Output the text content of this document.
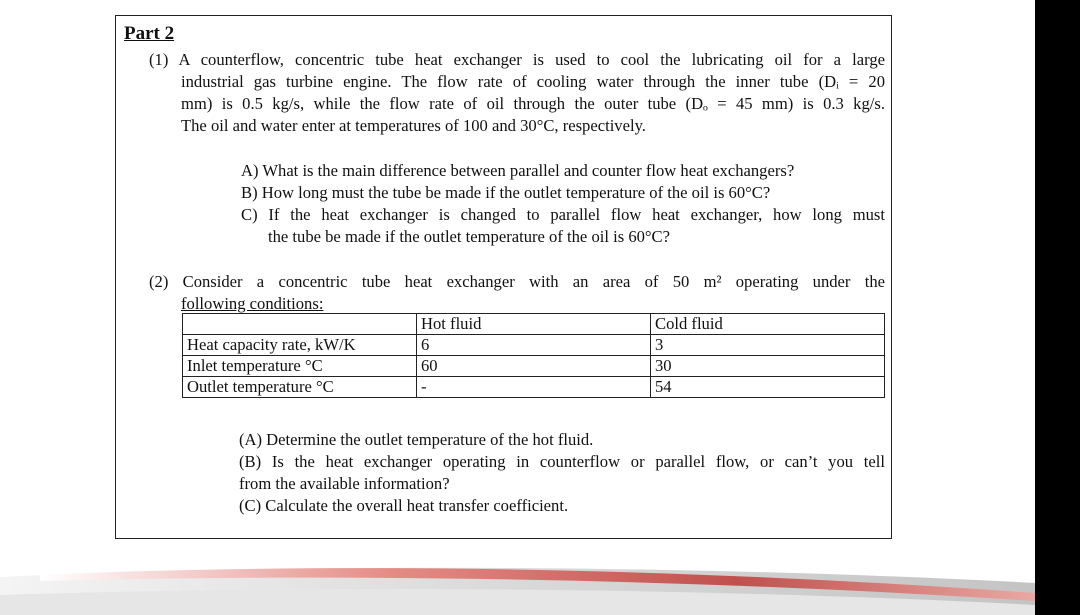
Part 2
(1) A counterflow, concentric tube heat exchanger is used to cool the lubricating oil for a large
industrial gas turbine engine. The flow rate of cooling water through the inner tube (Dᵢ = 20
mm) is 0.5 kg/s, while the flow rate of oil through the outer tube (Dₒ = 45 mm) is 0.3 kg/s.
The oil and water enter at temperatures of 100 and 30°C, respectively.
A) What is the main difference between parallel and counter flow heat exchangers?
B) How long must the tube be made if the outlet temperature of the oil is 60°C?
C) If the heat exchanger is changed to parallel flow heat exchanger, how long must
the tube be made if the outlet temperature of the oil is 60°C?
(2) Consider a concentric tube heat exchanger with an area of 50 m² operating under the
following conditions:
	Hot fluid	Cold fluid
Heat capacity rate, kW/K	6	3
Inlet temperature °C	60	30
Outlet temperature °C	-	54
(A) Determine the outlet temperature of the hot fluid.
(B) Is the heat exchanger operating in counterflow or parallel flow, or can’t you tell
from the available information?
(C) Calculate the overall heat transfer coefficient.
